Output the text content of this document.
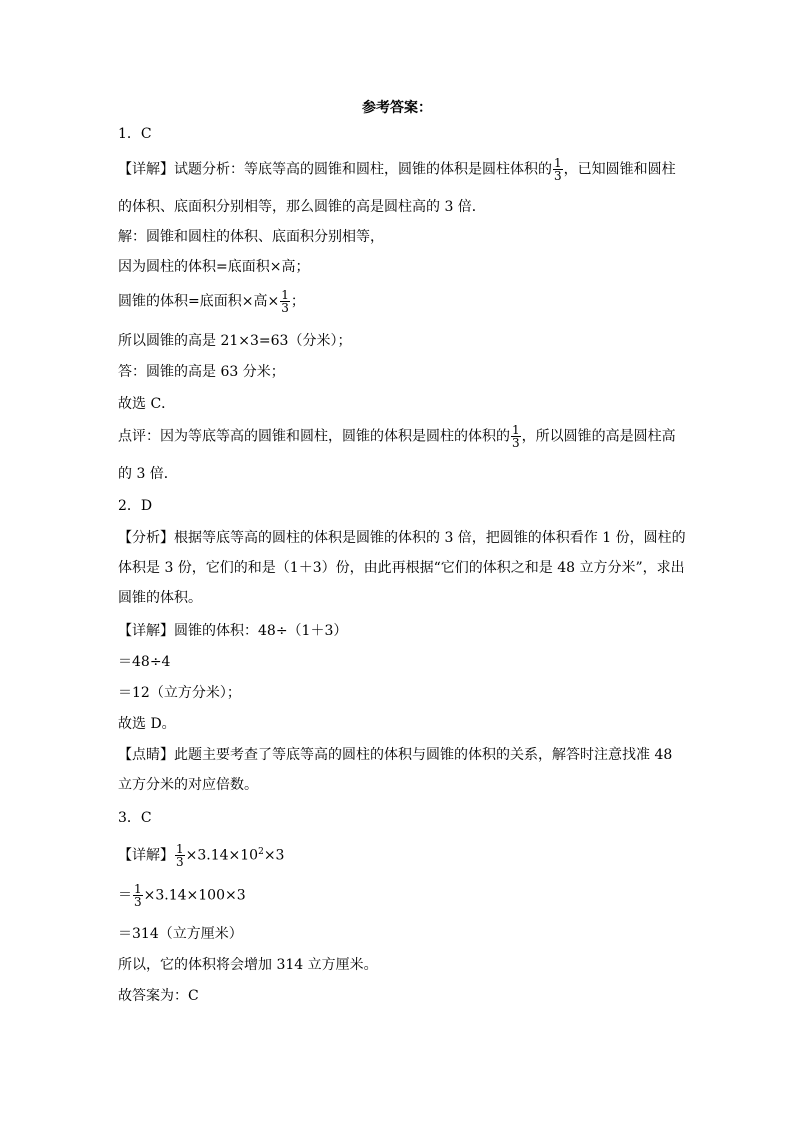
参考答案：
1．C
【详解】试题分析：等底等高的圆锥和圆柱，圆锥的体积是圆柱体积的 $\frac{1}{3}$ ，已知圆锥和圆柱
的体积、底面积分别相等，那么圆锥的高是圆柱高的 3 倍．
解：圆锥和圆柱的体积、底面积分别相等，
因为圆柱的体积=底面积×高；
圆锥的体积=底面积×高× $\frac{1}{3}$ ；
所以圆锥的高是 21×3=63（分米）；
答：圆锥的高是 63 分米；
故选 C．
点评：因为等底等高的圆锥和圆柱，圆锥的体积是圆柱的体积的 $\frac{1}{3}$ ，所以圆锥的高是圆柱高
的 3 倍．
2．D
【分析】根据等底等高的圆柱的体积是圆锥的体积的 3 倍，把圆锥的体积看作 1 份，圆柱的
体积是 3 份，它们的和是（1＋3）份，由此再根据“它们的体积之和是 48 立方分米”，求出
圆锥的体积。
【详解】圆锥的体积：48÷（1＋3）
＝48÷4
＝12（立方分米）；
故选 D。
【点睛】此题主要考查了等底等高的圆柱的体积与圆锥的体积的关系，解答时注意找准 48
立方分米的对应倍数。
3．C
【详解】 $\frac{1}{3} \times 3.14\times 10^2\times 3$
＝ $\frac{1}{3} \times 3.14\times 100\times 3$
＝314（立方厘米）
所以，它的体积将会增加 314 立方厘米。
故答案为：C
